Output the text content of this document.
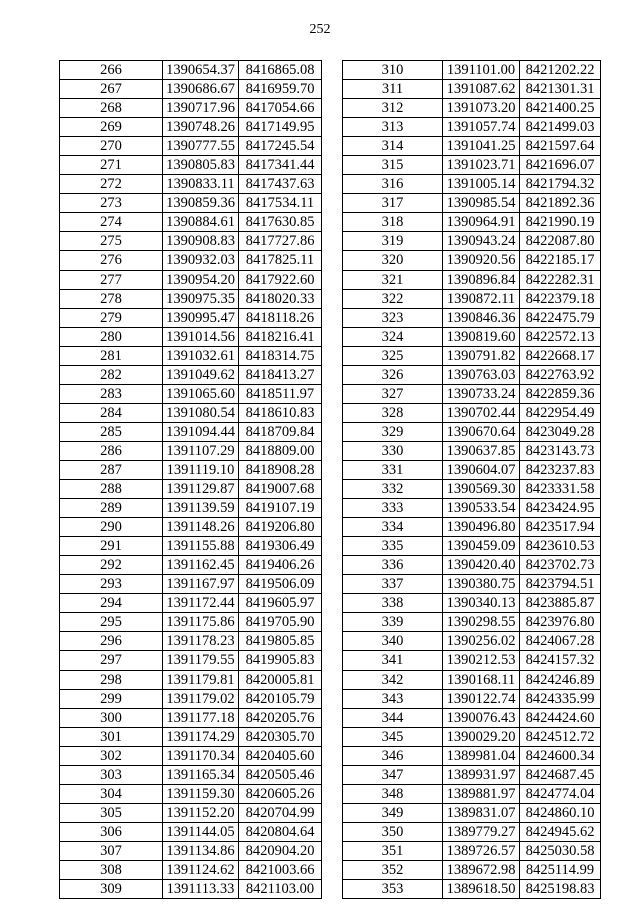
252
266	1390654.37	8416865.08
267	1390686.67	8416959.70
268	1390717.96	8417054.66
269	1390748.26	8417149.95
270	1390777.55	8417245.54
271	1390805.83	8417341.44
272	1390833.11	8417437.63
273	1390859.36	8417534.11
274	1390884.61	8417630.85
275	1390908.83	8417727.86
276	1390932.03	8417825.11
277	1390954.20	8417922.60
278	1390975.35	8418020.33
279	1390995.47	8418118.26
280	1391014.56	8418216.41
281	1391032.61	8418314.75
282	1391049.62	8418413.27
283	1391065.60	8418511.97
284	1391080.54	8418610.83
285	1391094.44	8418709.84
286	1391107.29	8418809.00
287	1391119.10	8418908.28
288	1391129.87	8419007.68
289	1391139.59	8419107.19
290	1391148.26	8419206.80
291	1391155.88	8419306.49
292	1391162.45	8419406.26
293	1391167.97	8419506.09
294	1391172.44	8419605.97
295	1391175.86	8419705.90
296	1391178.23	8419805.85
297	1391179.55	8419905.83
298	1391179.81	8420005.81
299	1391179.02	8420105.79
300	1391177.18	8420205.76
301	1391174.29	8420305.70
302	1391170.34	8420405.60
303	1391165.34	8420505.46
304	1391159.30	8420605.26
305	1391152.20	8420704.99
306	1391144.05	8420804.64
307	1391134.86	8420904.20
308	1391124.62	8421003.66
309	1391113.33	8421103.00
310	1391101.00	8421202.22
311	1391087.62	8421301.31
312	1391073.20	8421400.25
313	1391057.74	8421499.03
314	1391041.25	8421597.64
315	1391023.71	8421696.07
316	1391005.14	8421794.32
317	1390985.54	8421892.36
318	1390964.91	8421990.19
319	1390943.24	8422087.80
320	1390920.56	8422185.17
321	1390896.84	8422282.31
322	1390872.11	8422379.18
323	1390846.36	8422475.79
324	1390819.60	8422572.13
325	1390791.82	8422668.17
326	1390763.03	8422763.92
327	1390733.24	8422859.36
328	1390702.44	8422954.49
329	1390670.64	8423049.28
330	1390637.85	8423143.73
331	1390604.07	8423237.83
332	1390569.30	8423331.58
333	1390533.54	8423424.95
334	1390496.80	8423517.94
335	1390459.09	8423610.53
336	1390420.40	8423702.73
337	1390380.75	8423794.51
338	1390340.13	8423885.87
339	1390298.55	8423976.80
340	1390256.02	8424067.28
341	1390212.53	8424157.32
342	1390168.11	8424246.89
343	1390122.74	8424335.99
344	1390076.43	8424424.60
345	1390029.20	8424512.72
346	1389981.04	8424600.34
347	1389931.97	8424687.45
348	1389881.97	8424774.04
349	1389831.07	8424860.10
350	1389779.27	8424945.62
351	1389726.57	8425030.58
352	1389672.98	8425114.99
353	1389618.50	8425198.83
